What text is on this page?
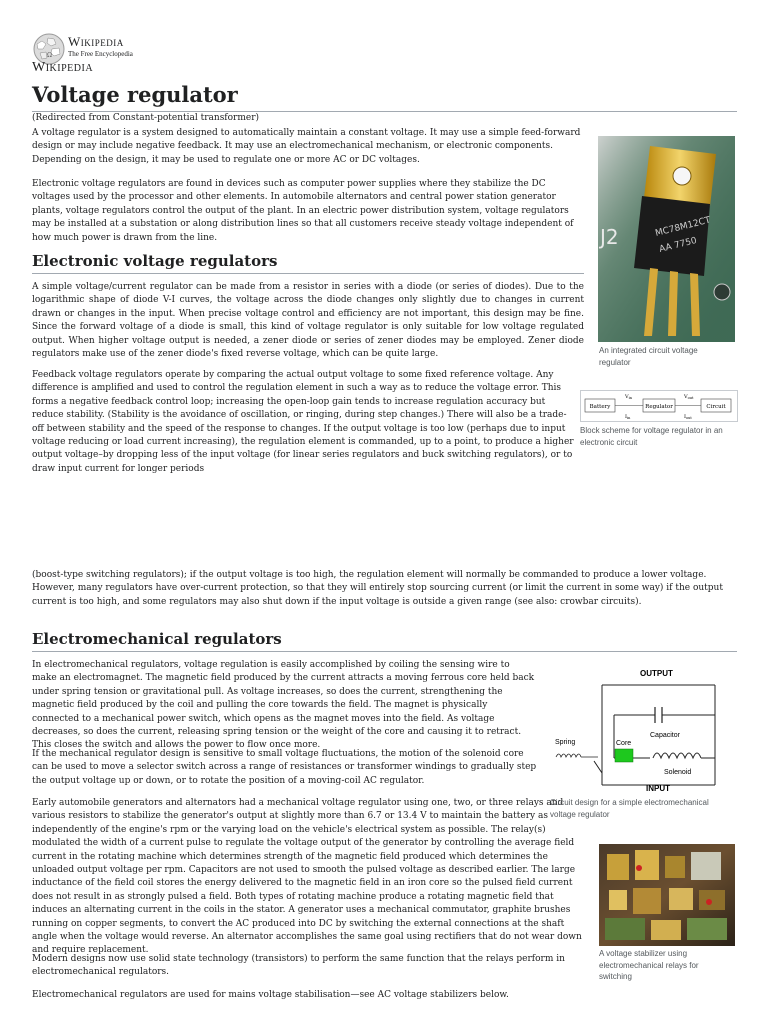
Ω
Wikipedia
The Free Encyclopedia
Wikipedia
Voltage regulator
(Redirected from Constant-potential transformer)

A voltage regulator is a system designed to automatically maintain a constant voltage. It may use a simple feed-forward design or may include negative feedback. It may use an electromechanical mechanism, or electronic components. Depending on the design, it may be used to regulate one or more AC or DC voltages.

Electronic voltage regulators are found in devices such as computer power supplies where they stabilize the DC voltages used by the processor and other elements. In automobile alternators and central power station generator plants, voltage regulators control the output of the plant. In an electric power distribution system, voltage regulators may be installed at a substation or along distribution lines so that all customers receive steady voltage independent of how much power is drawn from the line.	MC78M12CT
AA 7750
J2
An integrated circuit voltage regulator
Electronic voltage regulators

A simple voltage/current regulator can be made from a resistor in series with a diode (or series of diodes). Due to the logarithmic shape of diode V-I curves, the voltage across the diode changes only slightly due to changes in current drawn or changes in the input. When precise voltage control and efficiency are not important, this design may be fine. Since the forward voltage of a diode is small, this kind of voltage regulator is only suitable for low voltage regulated output. When higher voltage output is needed, a zener diode or series of zener diodes may be employed. Zener diode regulators make use of the zener diode's fixed reverse voltage, which can be quite large.

Feedback voltage regulators operate by comparing the actual output voltage to some fixed reference voltage. Any difference is amplified and used to control the regulation element in such a way as to reduce the voltage error. This forms a negative feedback control loop; increasing the open-loop gain tends to increase regulation accuracy but reduce stability. (Stability is the avoidance of oscillation, or ringing, during step changes.) There will also be a trade-off between stability and the speed of the response to changes. If the output voltage is too low (perhaps due to input voltage reducing or load current increasing), the regulation element is commanded, up to a point, to produce a higher output voltage–by dropping less of the input voltage (for linear series regulators and buck switching regulators), or to draw input current for longer periods

Battery	Regulator	Circuit
$V_{in}$	$V_{out}$
$I_{in}$	$I_{out}$
Block scheme for voltage regulator in an electronic circuit

(boost-type switching regulators); if the output voltage is too high, the regulation element will normally be commanded to produce a lower voltage. However, many regulators have over-current protection, so that they will entirely stop sourcing current (or limit the current in some way) if the output current is too high, and some regulators may also shut down if the input voltage is outside a given range (see also: crowbar circuits).

Electromechanical regulators

In electromechanical regulators, voltage regulation is easily accomplished by coiling the sensing wire to make an electromagnet. The magnetic field produced by the current attracts a moving ferrous core held back under spring tension or gravitational pull. As voltage increases, so does the current, strengthening the magnetic field produced by the coil and pulling the core towards the field. The magnet is physically connected to a mechanical power switch, which opens as the magnet moves into the field. As voltage decreases, so does the current, releasing spring tension or the weight of the core and causing it to retract. This closes the switch and allows the power to flow once more.

If the mechanical regulator design is sensitive to small voltage fluctuations, the motion of the solenoid core can be used to move a selector switch across a range of resistances or transformer windings to gradually step the output voltage up or down, or to rotate the position of a moving-coil AC regulator.

Early automobile generators and alternators had a mechanical voltage regulator using one, two, or three relays and various resistors to stabilize the generator's output at slightly more than 6.7 or 13.4 V to maintain the battery as independently of the engine's rpm or the varying load on the vehicle's electrical system as possible. The relay(s) modulated the width of a current pulse to regulate the voltage output of the generator by controlling the average field current in the rotating machine which determines strength of the magnetic field produced which determines the unloaded output voltage per rpm. Capacitors are not used to smooth the pulsed voltage as described earlier. The large inductance of the field coil stores the energy delivered to the magnetic field in an iron core so the pulsed field current does not result in as strongly pulsed a field. Both types of rotating machine produce a rotating magnetic field that induces an alternating current in the coils in the stator. A generator uses a mechanical commutator, graphite brushes running on copper segments, to convert the AC produced into DC by switching the external connections at the shaft angle when the voltage would reverse. An alternator accomplishes the same goal using rectifiers that do not wear down and require replacement.

Modern designs now use solid state technology (transistors) to perform the same function that the relays perform in electromechanical regulators.

Electromechanical regulators are used for mains voltage stabilisation—see AC voltage stabilizers below.

OUTPUT
Capacitor
Core
Spring
Solenoid
INPUT
Circuit design for a simple electromechanical voltage regulator
A voltage stabilizer using electromechanical relays for switching
